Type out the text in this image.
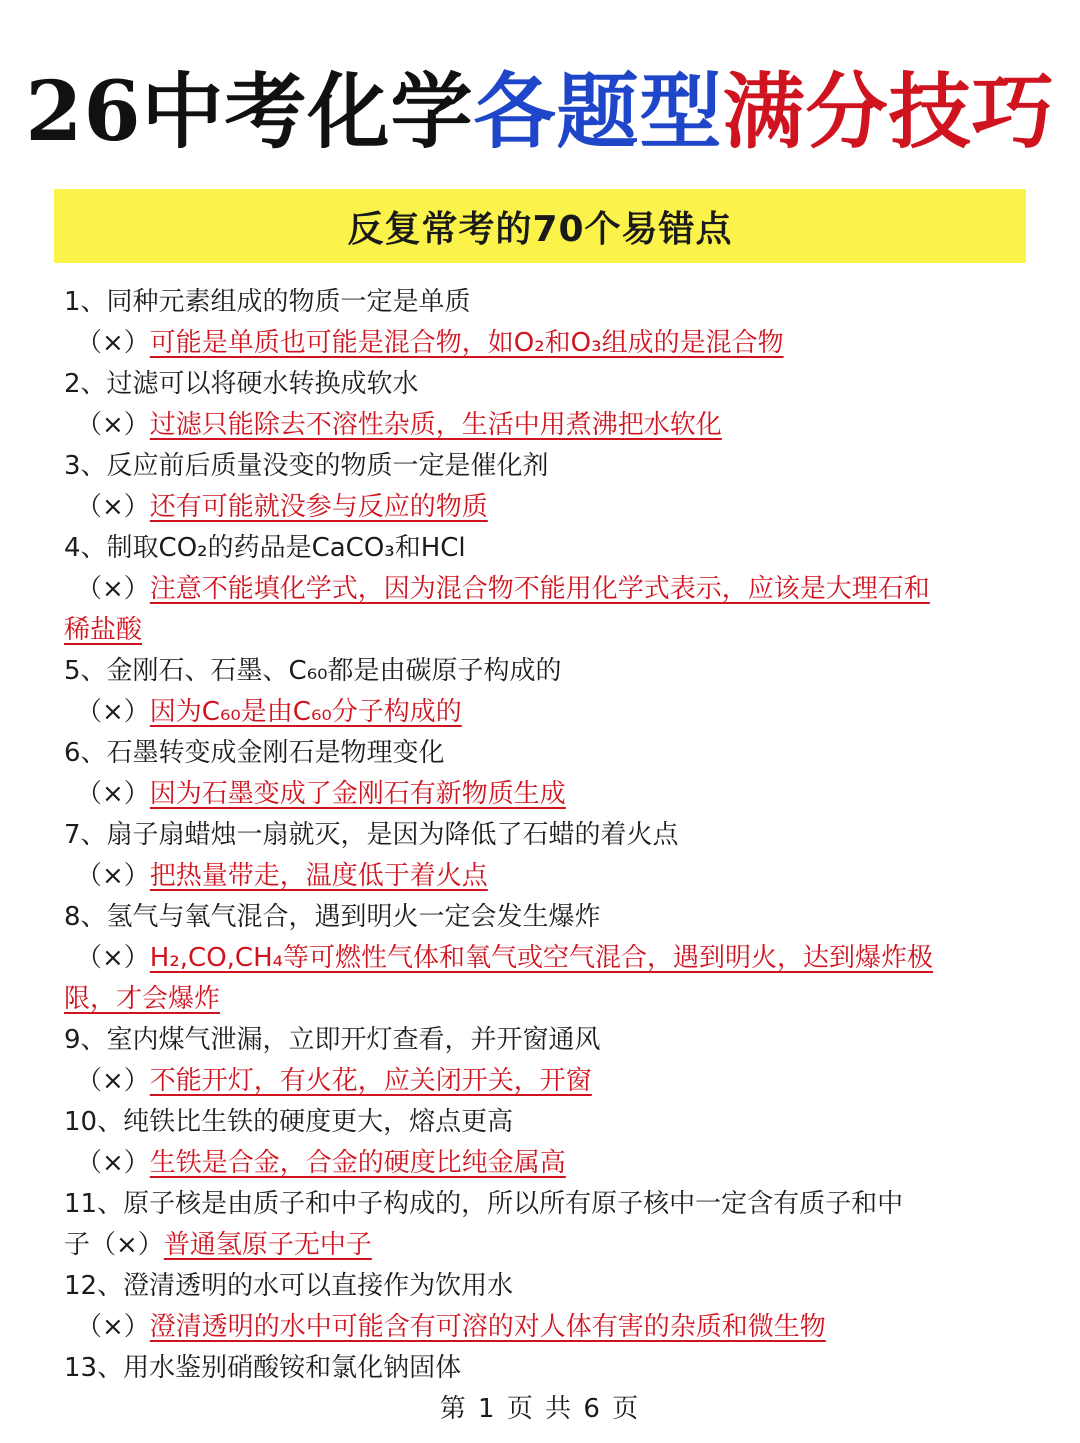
26中考化学各题型满分技巧
反复常考的70个易错点
1、同种元素组成的物质一定是单质
（×）可能是单质也可能是混合物，如O₂和O₃组成的是混合物
2、过滤可以将硬水转换成软水
（×）过滤只能除去不溶性杂质，生活中用煮沸把水软化
3、反应前后质量没变的物质一定是催化剂
（×）还有可能就没参与反应的物质
4、制取CO₂的药品是CaCO₃和HCl
（×）注意不能填化学式，因为混合物不能用化学式表示，应该是大理石和
稀盐酸
5、金刚石、石墨、C₆₀都是由碳原子构成的
（×）因为C₆₀是由C₆₀分子构成的
6、石墨转变成金刚石是物理变化
（×）因为石墨变成了金刚石有新物质生成
7、扇子扇蜡烛一扇就灭，是因为降低了石蜡的着火点
（×）把热量带走，温度低于着火点
8、氢气与氧气混合，遇到明火一定会发生爆炸
（×）H₂,CO,CH₄等可燃性气体和氧气或空气混合，遇到明火，达到爆炸极
限，才会爆炸
9、室内煤气泄漏，立即开灯查看，并开窗通风
（×）不能开灯，有火花，应关闭开关，开窗
10、纯铁比生铁的硬度更大，熔点更高
（×）生铁是合金，合金的硬度比纯金属高
11、原子核是由质子和中子构成的，所以所有原子核中一定含有质子和中
子（×）普通氢原子无中子
12、澄清透明的水可以直接作为饮用水
（×）澄清透明的水中可能含有可溶的对人体有害的杂质和微生物
13、用水鉴别硝酸铵和氯化钠固体
第 1 页 共 6 页
